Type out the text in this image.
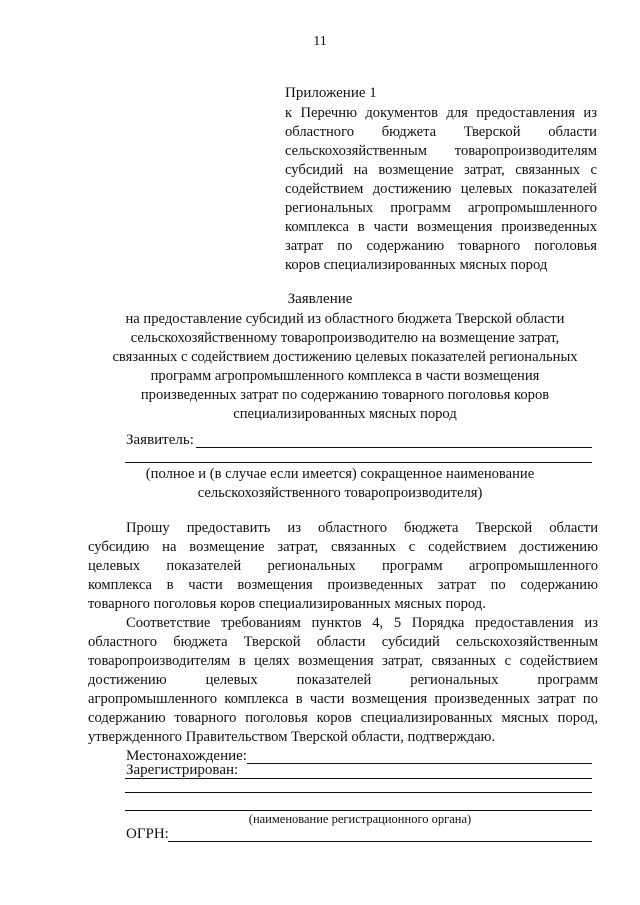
11
Приложение 1
к Перечню документов для предоставления из
областного бюджета Тверской области
сельскохозяйственным товаропроизводителям
субсидий на возмещение затрат, связанных с
содействием достижению целевых показателей
региональных программ агропромышленного
комплекса в части возмещения произведенных
затрат по содержанию товарного поголовья
коров специализированных мясных пород
Заявление
на предоставление субсидий из областного бюджета Тверской области
сельскохозяйственному товаропроизводителю на возмещение затрат,
связанных с содействием достижению целевых показателей региональных
программ агропромышленного комплекса в части возмещения
произведенных затрат по содержанию товарного поголовья коров
специализированных мясных пород
Заявитель:
(полное и (в случае если имеется) сокращенное наименование
сельскохозяйственного товаропроизводителя)
Прошу предоставить из областного бюджета Тверской области
субсидию на возмещение затрат, связанных с содействием достижению
целевых показателей региональных программ агропромышленного
комплекса в части возмещения произведенных затрат по содержанию
товарного поголовья коров специализированных мясных пород.
Соответствие требованиям пунктов 4, 5 Порядка предоставления из
областного бюджета Тверской области субсидий сельскохозяйственным
товаропроизводителям в целях возмещения затрат, связанных с содействием
достижению целевых показателей региональных программ
агропромышленного комплекса в части возмещения произведенных затрат по
содержанию товарного поголовья коров специализированных мясных пород,
утвержденного Правительством Тверской области, подтверждаю.
Местонахождение:
Зарегистрирован:
(наименование регистрационного органа)
ОГРН:
